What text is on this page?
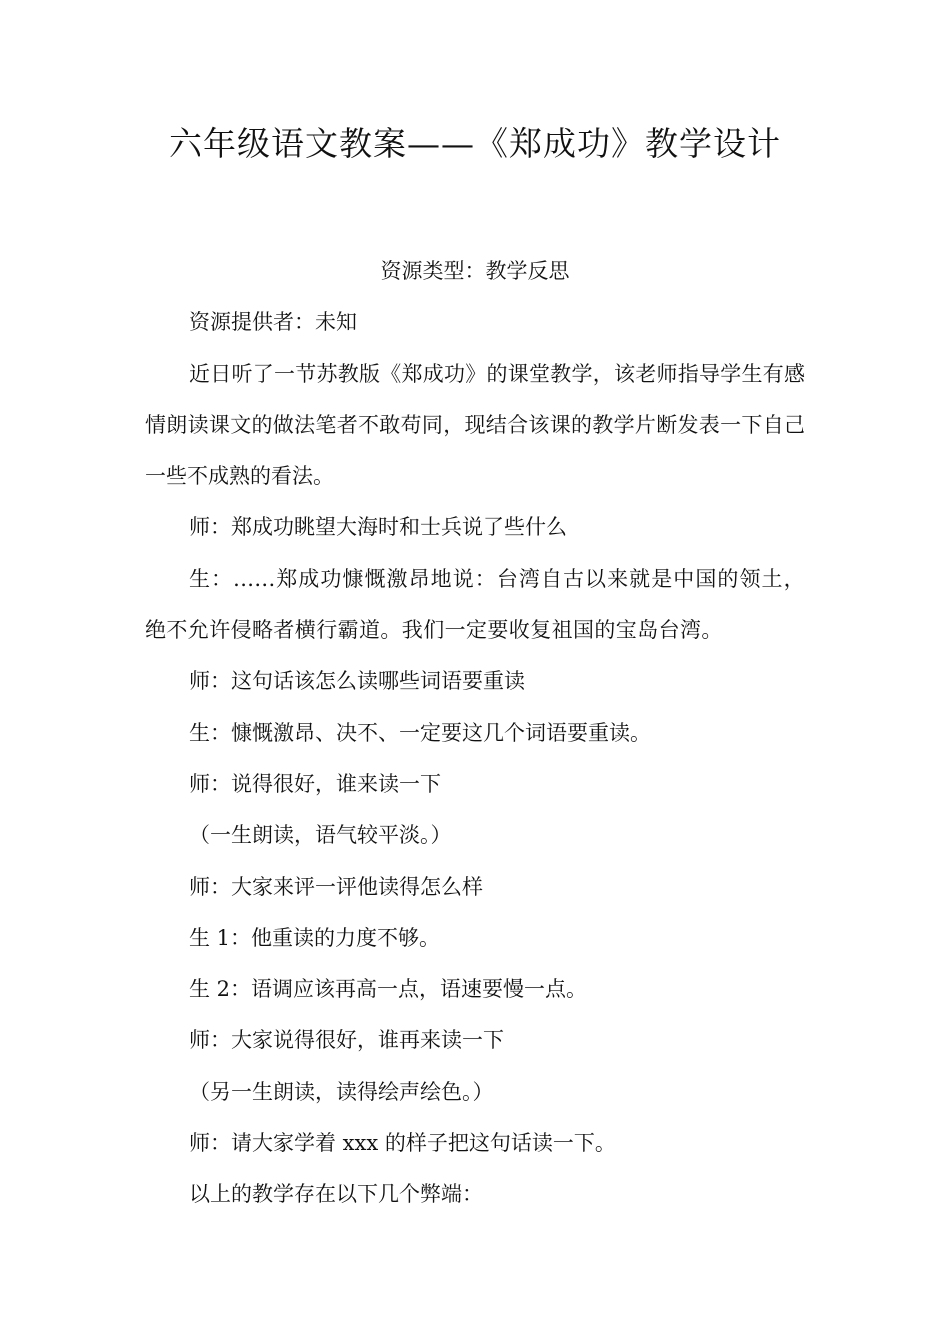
六年级语文教案——《郑成功》教学设计

资源类型：教学反思

资源提供者：未知

近日听了一节苏教版《郑成功》的课堂教学，该老师指导学生有感情朗读课文的做法笔者不敢苟同，现结合该课的教学片断发表一下自己一些不成熟的看法。

师：郑成功眺望大海时和士兵说了些什么

生：......郑成功慷慨激昂地说：台湾自古以来就是中国的领土，绝不允许侵略者横行霸道。我们一定要收复祖国的宝岛台湾。

师：这句话该怎么读哪些词语要重读

生：慷慨激昂、决不、一定要这几个词语要重读。

师：说得很好，谁来读一下

（一生朗读，语气较平淡。）

师：大家来评一评他读得怎么样

生 1：他重读的力度不够。

生 2：语调应该再高一点，语速要慢一点。

师：大家说得很好，谁再来读一下

（另一生朗读，读得绘声绘色。）

师：请大家学着 xxx 的样子把这句话读一下。

以上的教学存在以下几个弊端：
